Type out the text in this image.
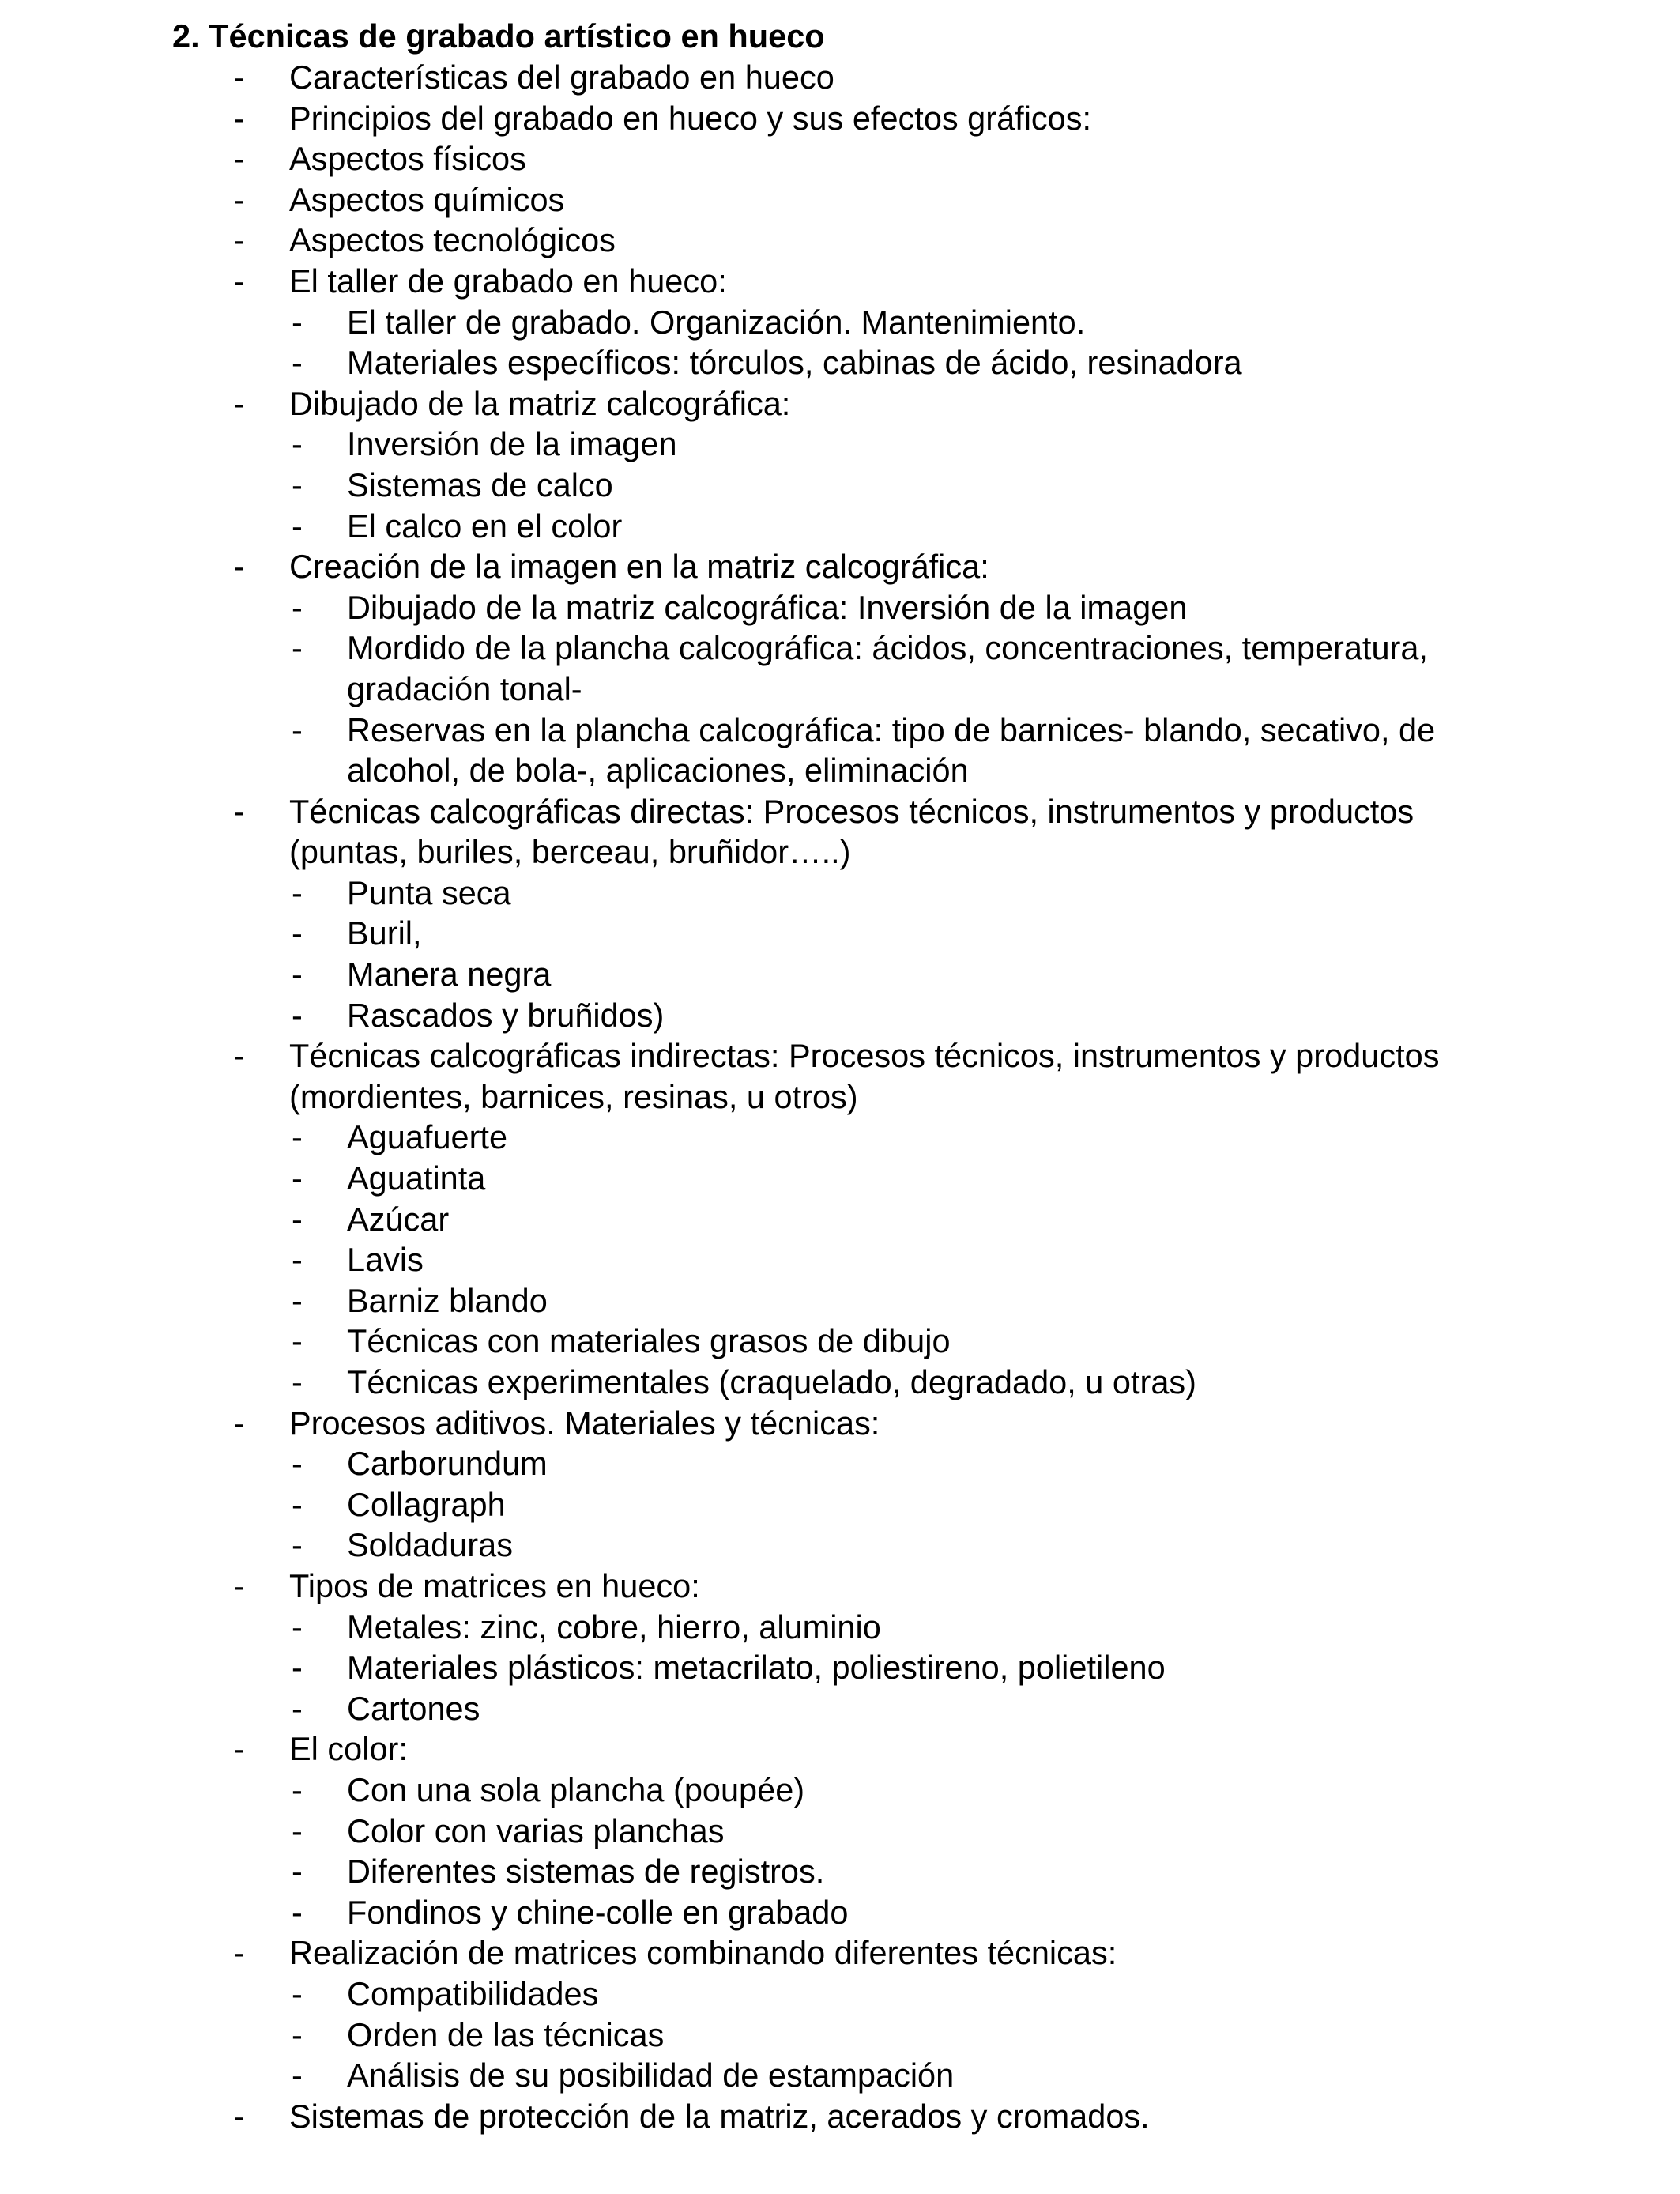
2. Técnicas de grabado artístico en hueco
- Características del grabado en hueco
- Principios del grabado en hueco y sus efectos gráficos:
- Aspectos físicos
- Aspectos químicos
- Aspectos tecnológicos
- El taller de grabado en hueco:
- El taller de grabado. Organización. Mantenimiento.
- Materiales específicos: tórculos, cabinas de ácido, resinadora
- Dibujado de la matriz calcográfica:
- Inversión de la imagen
- Sistemas de calco
- El calco en el color
- Creación de la imagen en la matriz calcográfica:
- Dibujado de la matriz calcográfica: Inversión de la imagen
- Mordido de la plancha calcográfica: ácidos, concentraciones, temperatura,
gradación tonal-
- Reservas en la plancha calcográfica: tipo de barnices- blando, secativo, de
alcohol, de bola-, aplicaciones, eliminación
- Técnicas calcográficas directas: Procesos técnicos, instrumentos y productos
(puntas, buriles, berceau, bruñidor…..)
- Punta seca
- Buril,
- Manera negra
- Rascados y bruñidos)
- Técnicas calcográficas indirectas: Procesos técnicos, instrumentos y productos
(mordientes, barnices, resinas, u otros)
- Aguafuerte
- Aguatinta
- Azúcar
- Lavis
- Barniz blando
- Técnicas con materiales grasos de dibujo
- Técnicas experimentales (craquelado, degradado, u otras)
- Procesos aditivos. Materiales y técnicas:
- Carborundum
- Collagraph
- Soldaduras
- Tipos de matrices en hueco:
- Metales: zinc, cobre, hierro, aluminio
- Materiales plásticos: metacrilato, poliestireno, polietileno
- Cartones
- El color:
- Con una sola plancha (poupée)
- Color con varias planchas
- Diferentes sistemas de registros.
- Fondinos y chine-colle en grabado
- Realización de matrices combinando diferentes técnicas:
- Compatibilidades
- Orden de las técnicas
- Análisis de su posibilidad de estampación
- Sistemas de protección de la matriz, acerados y cromados.
